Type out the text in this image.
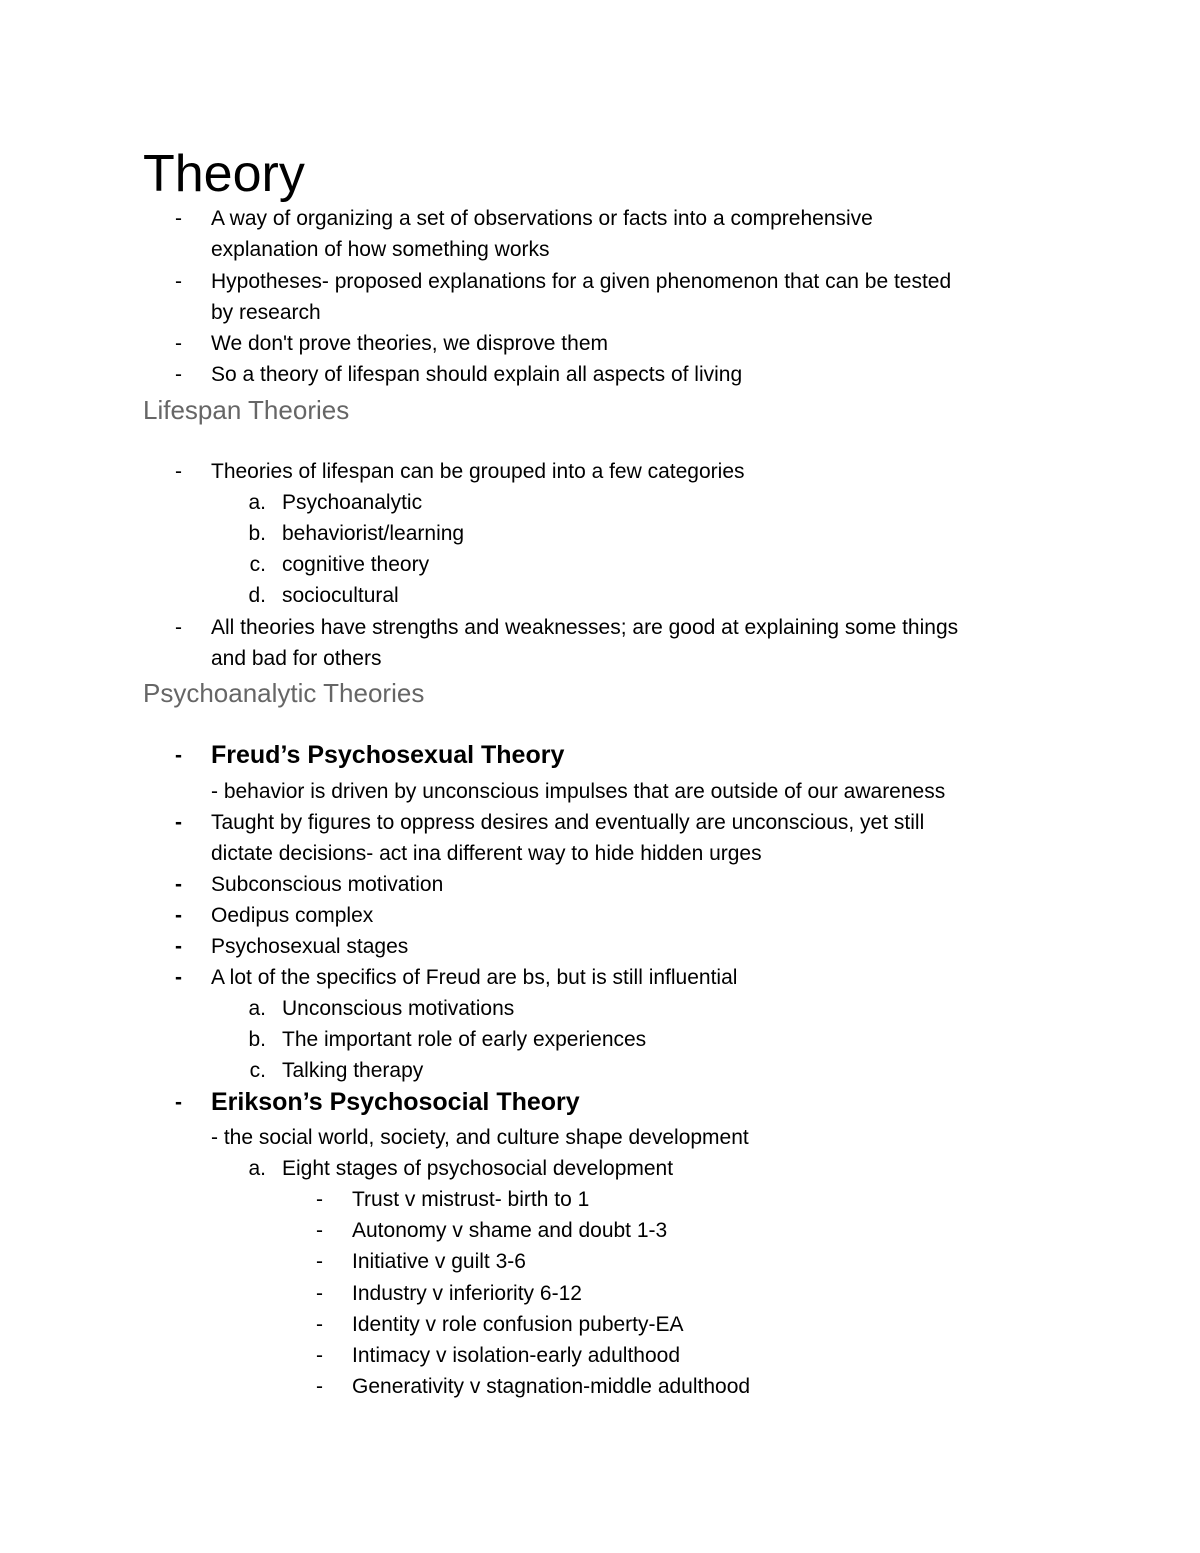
Theory
- A way of organizing a set of observations or facts into a comprehensive
explanation of how something works
- Hypotheses- proposed explanations for a given phenomenon that can be tested
by research
- We don't prove theories, we disprove them
- So a theory of lifespan should explain all aspects of living
Lifespan Theories
- Theories of lifespan can be grouped into a few categories
a. Psychoanalytic
b. behaviorist/learning
c. cognitive theory
d. sociocultural
- All theories have strengths and weaknesses; are good at explaining some things
and bad for others
Psychoanalytic Theories
- Freud’s Psychosexual Theory
- behavior is driven by unconscious impulses that are outside of our awareness
- Taught by figures to oppress desires and eventually are unconscious, yet still
dictate decisions- act ina different way to hide hidden urges
- Subconscious motivation
- Oedipus complex
- Psychosexual stages
- A lot of the specifics of Freud are bs, but is still influential
a. Unconscious motivations
b. The important role of early experiences
c. Talking therapy
- Erikson’s Psychosocial Theory
- the social world, society, and culture shape development
a. Eight stages of psychosocial development
- Trust v mistrust- birth to 1
- Autonomy v shame and doubt 1-3
- Initiative v guilt 3-6
- Industry v inferiority 6-12
- Identity v role confusion puberty-EA
- Intimacy v isolation-early adulthood
- Generativity v stagnation-middle adulthood
